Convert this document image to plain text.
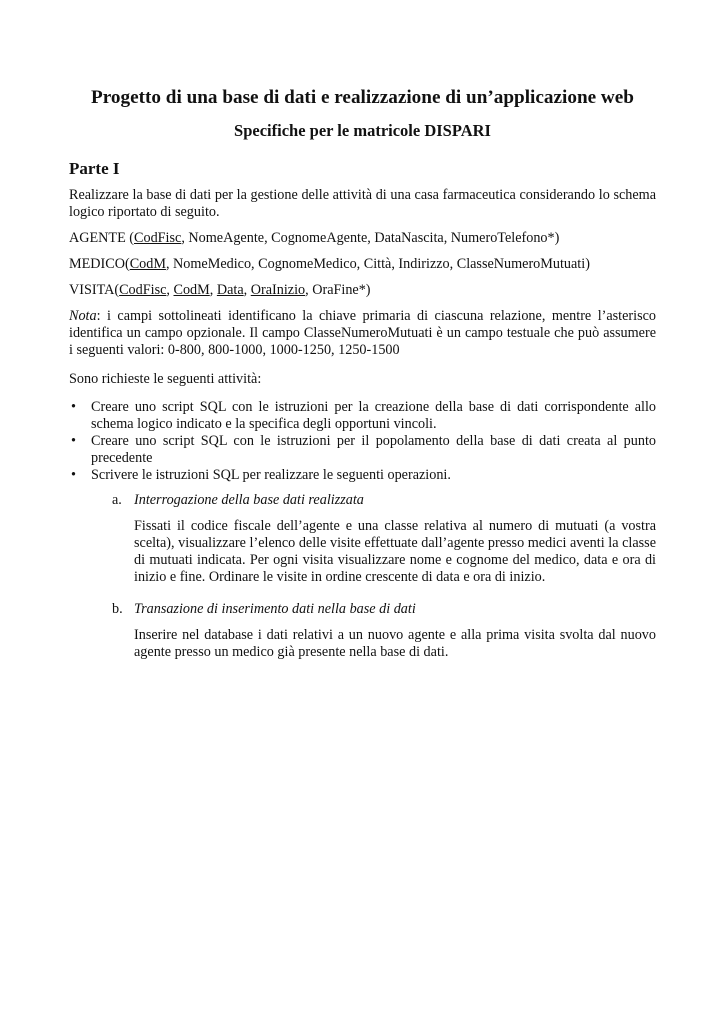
Progetto di una base di dati e realizzazione di un’applicazione web
Specifiche per le matricole DISPARI
Parte I

Realizzare la base di dati per la gestione delle attività di una casa farmaceutica considerando lo schema logico riportato di seguito.

AGENTE (CodFisc, NomeAgente, CognomeAgente, DataNascita, NumeroTelefono*)

MEDICO(CodM, NomeMedico, CognomeMedico, Città, Indirizzo, ClasseNumeroMutuati)

VISITA(CodFisc, CodM, Data, OraInizio, OraFine*)

Nota: i campi sottolineati identificano la chiave primaria di ciascuna relazione, mentre l’asterisco identifica un campo opzionale. Il campo ClasseNumeroMutuati è un campo testuale che può assumere i seguenti valori: 0-800, 800-1000, 1000-1250, 1250-1500

Sono richieste le seguenti attività:

• Creare uno script SQL con le istruzioni per la creazione della base di dati corrispondente allo schema logico indicato e la specifica degli opportuni vincoli.
• Creare uno script SQL con le istruzioni per il popolamento della base di dati creata al punto precedente
• Scrivere le istruzioni SQL per realizzare le seguenti operazioni.
a. Interrogazione della base dati realizzata

Fissati il codice fiscale dell’agente e una classe relativa al numero di mutuati (a vostra scelta), visualizzare l’elenco delle visite effettuate dall’agente presso medici aventi la classe di mutuati indicata. Per ogni visita visualizzare nome e cognome del medico, data e ora di inizio e fine. Ordinare le visite in ordine crescente di data e ora di inizio.

b. Transazione di inserimento dati nella base di dati

Inserire nel database i dati relativi a un nuovo agente e alla prima visita svolta dal nuovo agente presso un medico già presente nella base di dati.
